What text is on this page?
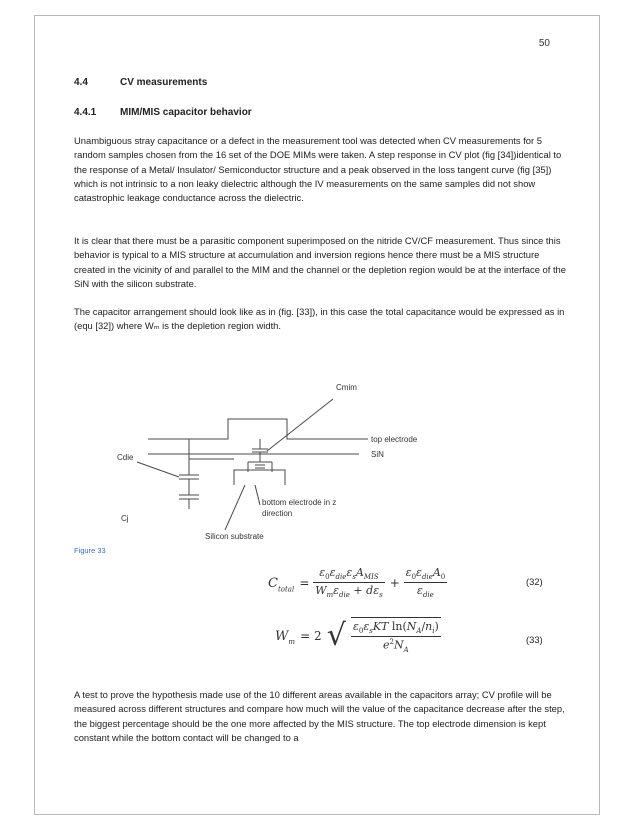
50
4.4	CV measurements
4.4.1 MIM/MIS capacitor behavior

Unambiguous stray capacitance or a defect in the measurement tool was detected when CV measurements for 5 random samples chosen from the 16 set of the DOE MIMs were taken. A step response in CV plot (fig [34])identical to the response of a Metal/ Insulator/ Semiconductor structure and a peak observed in the loss tangent curve (fig [35]) which is not intrinsic to a non leaky dielectric although the IV measurements on the same samples did not show catastrophic leakage conductance across the dielectric.

It is clear that there must be a parasitic component superimposed on the nitride CV/CF measurement. Thus since this behavior is typical to a MIS structure at accumulation and inversion regions hence there must be a MIS structure created in the vicinity of and parallel to the MIM and the channel or the depletion region would be at the interface of the SiN with the silicon substrate.

The capacitor arrangement should look like as in (fig. [33]), in this case the total capacitance would be expressed as in (equ [32]) where Wₘ is the depletion region width.

Cmim
top electrode
SiN
Cdie
Cj
bottom electrode in z
direction
Silicon substrate
Figure 33
$C_{total} = \frac{\varepsilon_0\varepsilon_{die}\varepsilon_sA_{MIS}}{W_m\varepsilon_{die} + d\varepsilon_s} + \frac{\varepsilon_0\varepsilon_{die}A_0}{\varepsilon_{die}}$	(32)
$W_m = 2$ √ $\frac{\varepsilon_0\varepsilon_sKT \ln(N_A/n_i)}{e^2N_A}$	(33)

A test to prove the hypothesis made use of the 10 different areas available in the capacitors array; CV profile will be measured across different structures and compare how much will the value of the capacitance decrease after the step, the biggest percentage should be the one more affected by the MIS structure. The top electrode dimension is kept constant while the bottom contact will be changed to a
